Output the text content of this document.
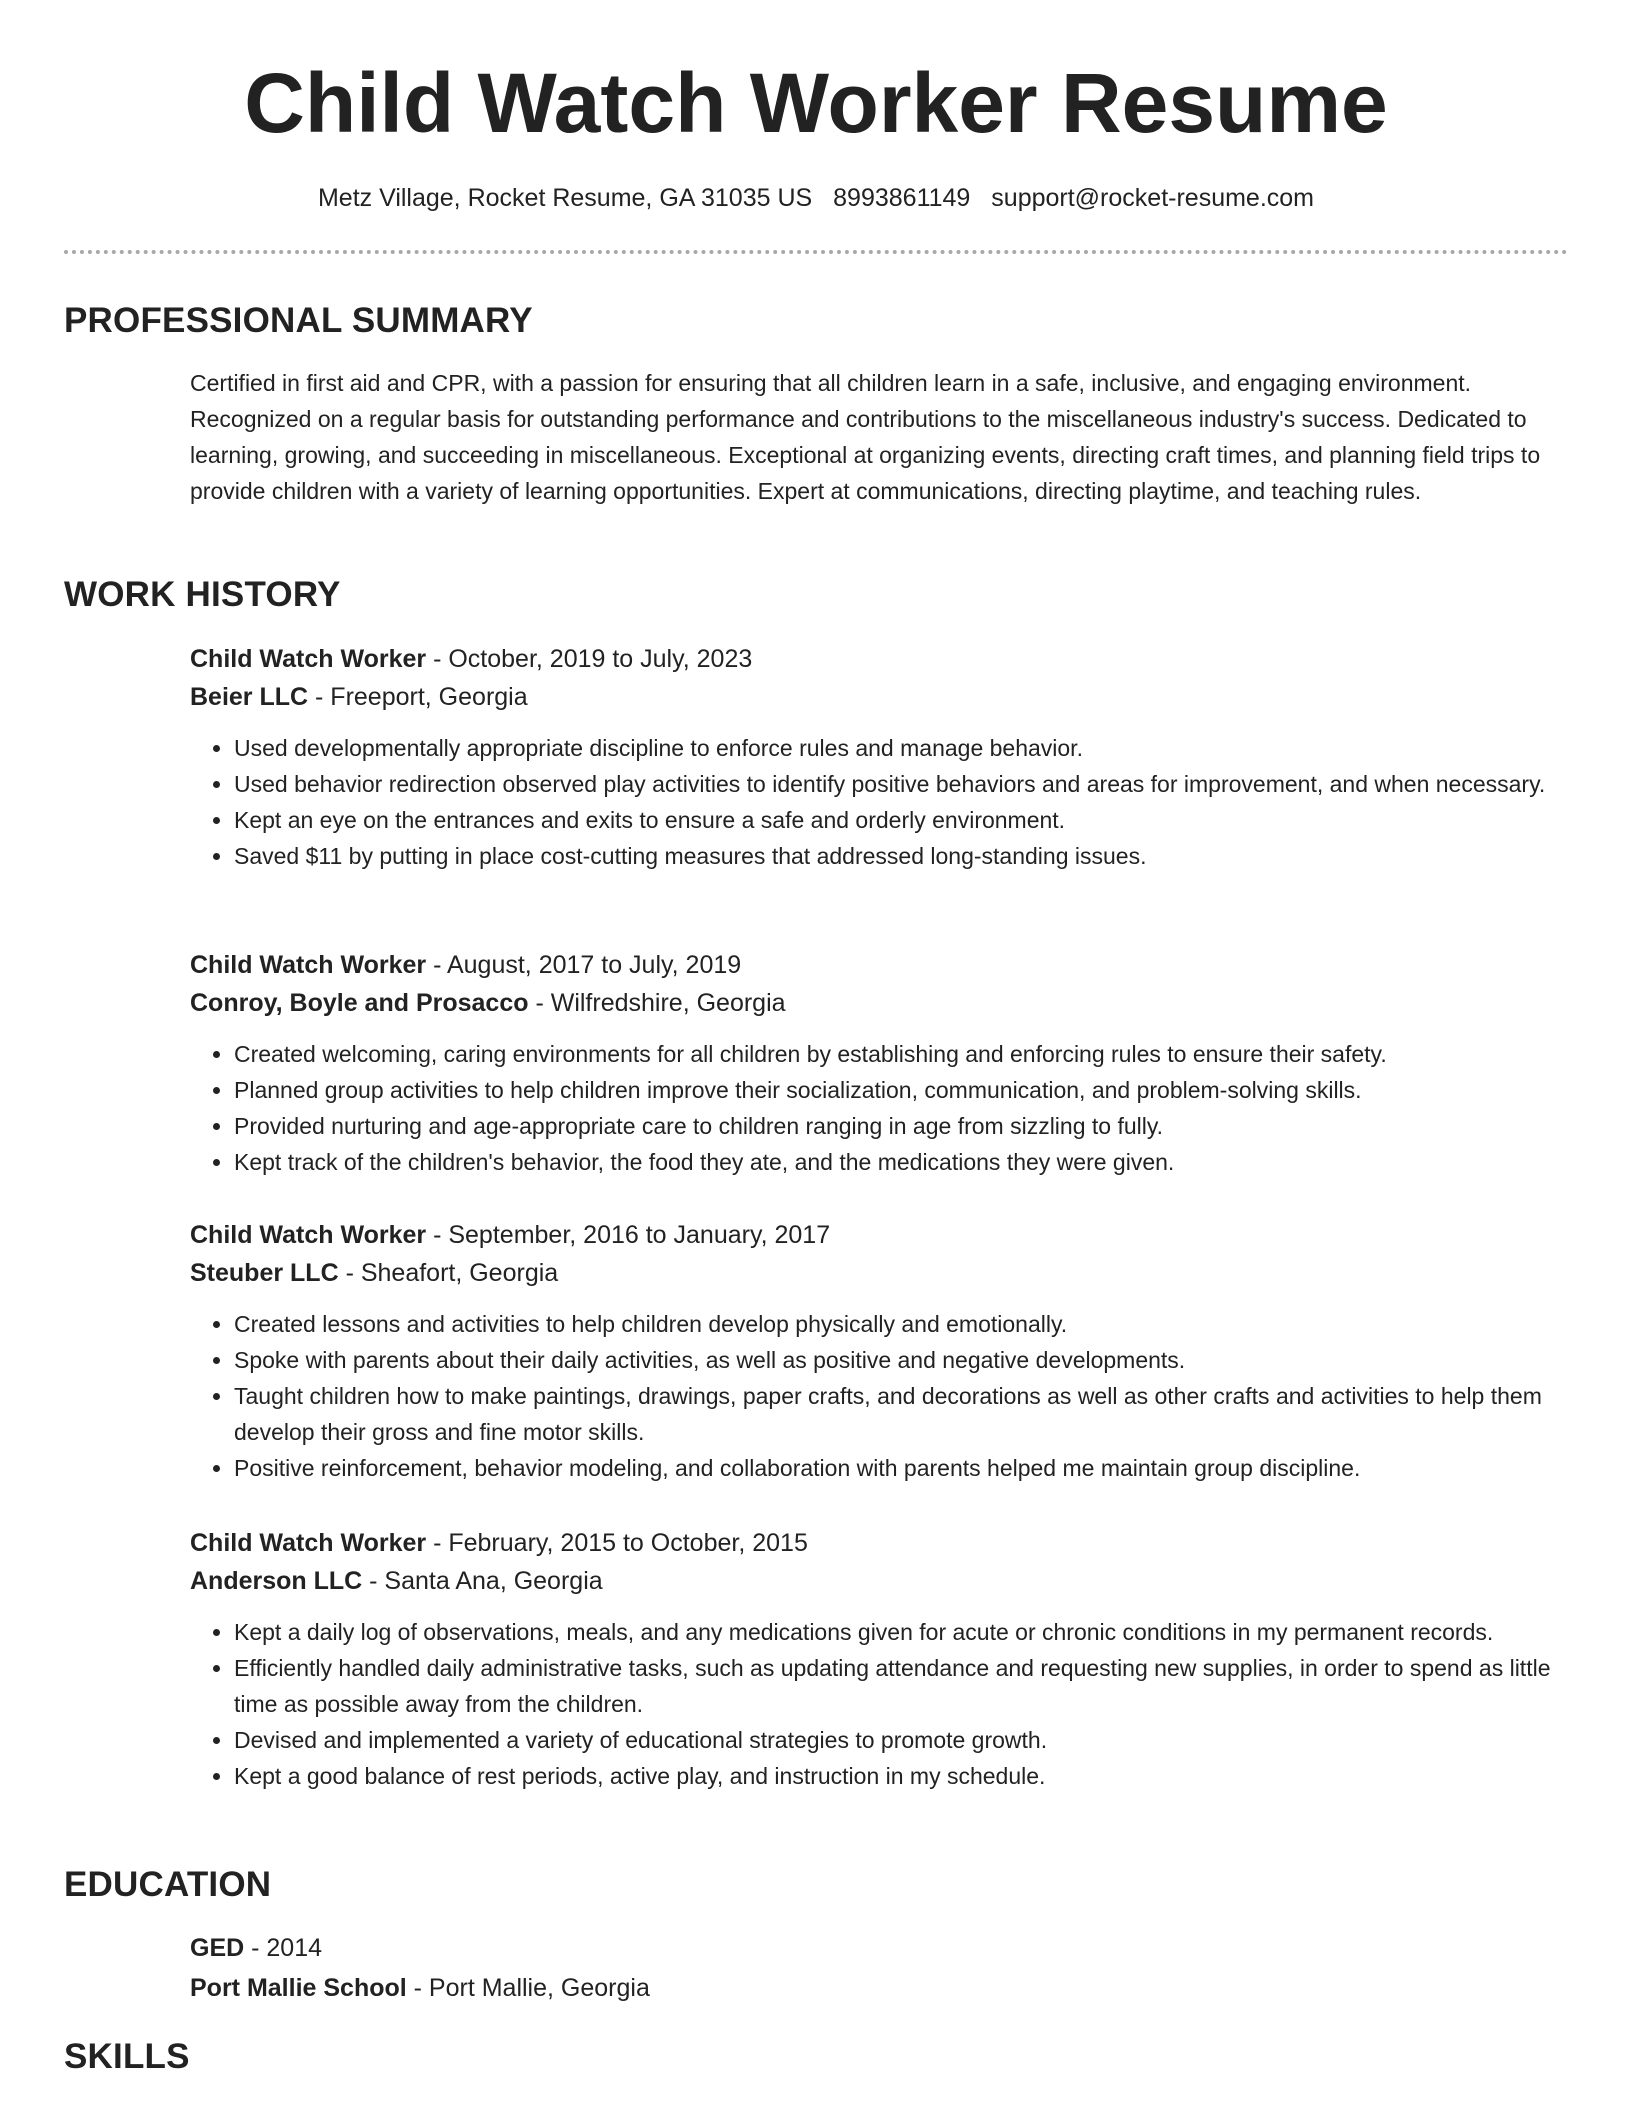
Child Watch Worker Resume
Metz Village, Rocket Resume, GA 31035 US 8993861149 support@rocket-resume.com
PROFESSIONAL SUMMARY

Certified in first aid and CPR, with a passion for ensuring that all children learn in a safe, inclusive, and engaging environment. Recognized on a regular basis for outstanding performance and contributions to the miscellaneous industry's success. Dedicated to learning, growing, and succeeding in miscellaneous. Exceptional at organizing events, directing craft times, and planning field trips to provide children with a variety of learning opportunities. Expert at communications, directing playtime, and teaching rules.

WORK HISTORY

Child Watch Worker - October, 2019 to July, 2023

Beier LLC - Freeport, Georgia

• Used developmentally appropriate discipline to enforce rules and manage behavior.
• Used behavior redirection observed play activities to identify positive behaviors and areas for improvement, and when necessary.
• Kept an eye on the entrances and exits to ensure a safe and orderly environment.
• Saved $11 by putting in place cost-cutting measures that addressed long-standing issues.

Child Watch Worker - August, 2017 to July, 2019

Conroy, Boyle and Prosacco - Wilfredshire, Georgia

• Created welcoming, caring environments for all children by establishing and enforcing rules to ensure their safety.
• Planned group activities to help children improve their socialization, communication, and problem-solving skills.
• Provided nurturing and age-appropriate care to children ranging in age from sizzling to fully.
• Kept track of the children's behavior, the food they ate, and the medications they were given.

Child Watch Worker - September, 2016 to January, 2017

Steuber LLC - Sheafort, Georgia

• Created lessons and activities to help children develop physically and emotionally.
• Spoke with parents about their daily activities, as well as positive and negative developments.
• Taught children how to make paintings, drawings, paper crafts, and decorations as well as other crafts and activities to help them develop their gross and fine motor skills.
• Positive reinforcement, behavior modeling, and collaboration with parents helped me maintain group discipline.

Child Watch Worker - February, 2015 to October, 2015

Anderson LLC - Santa Ana, Georgia

• Kept a daily log of observations, meals, and any medications given for acute or chronic conditions in my permanent records.
• Efficiently handled daily administrative tasks, such as updating attendance and requesting new supplies, in order to spend as little time as possible away from the children.
• Devised and implemented a variety of educational strategies to promote growth.
• Kept a good balance of rest periods, active play, and instruction in my schedule.
EDUCATION

GED - 2014

Port Mallie School - Port Mallie, Georgia

SKILLS
